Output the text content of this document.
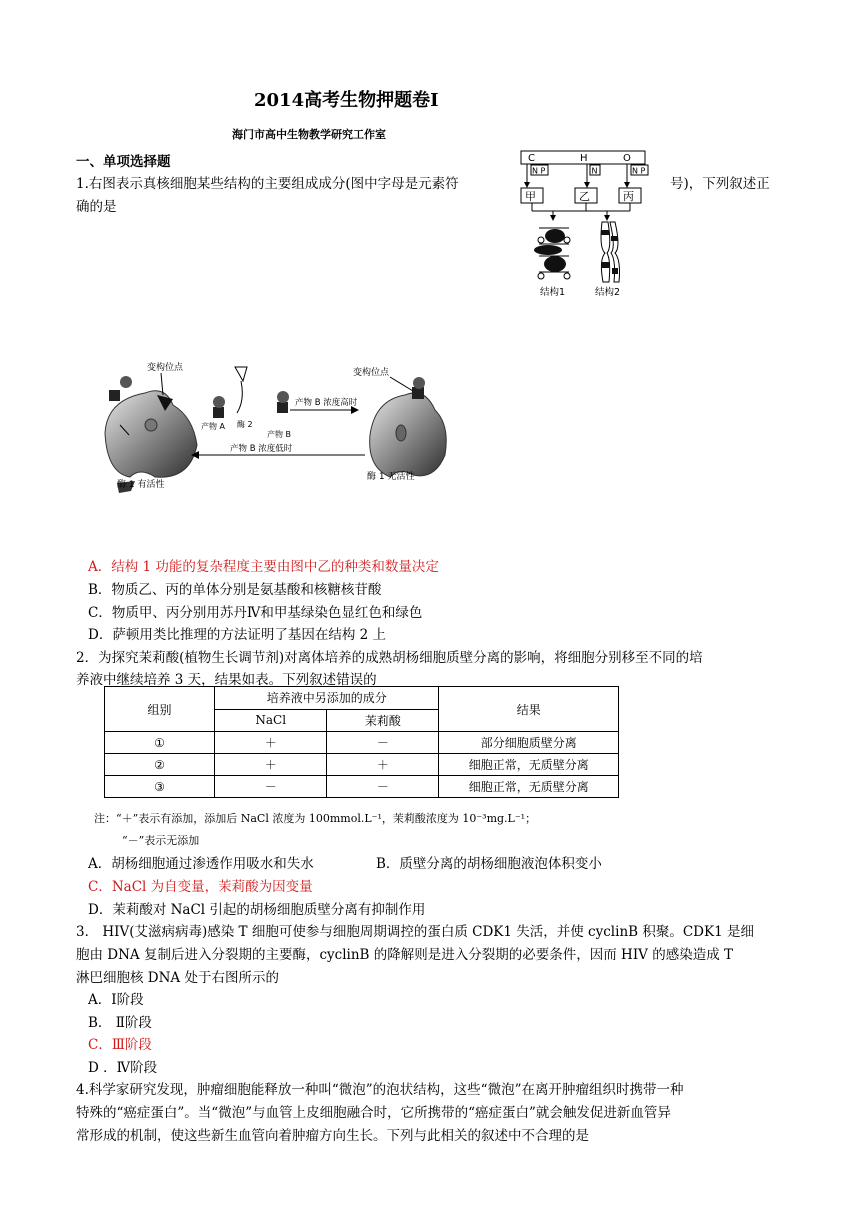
2014高考生物押题卷Ⅰ
海门市高中生物教学研究工作室
一、单项选择题
1.右图表示真核细胞某些结构的主要组成成分(图中字母是元素符	号)，下列叙述正
确的是
C	H	O
N P	N	N P
甲	乙	丙
结构1	结构2
变构位点
产物 A 酶 2
产物 B
产物 B 浓度高时
产物 B 浓度低时
变构位点
酶 1 有活性
酶 1 无活性
A．结构 1 功能的复杂程度主要由图中乙的种类和数量决定
B．物质乙、丙的单体分别是氨基酸和核糖核苷酸
C．物质甲、丙分别用苏丹Ⅳ和甲基绿染色显红色和绿色
D．萨顿用类比推理的方法证明了基因在结构 2 上
2．为探究茉莉酸(植物生长调节剂)对离体培养的成熟胡杨细胞质壁分离的影响，将细胞分别移至不同的培
养液中继续培养 3 天，结果如表。下列叙述错误的
组别	培养液中另添加的成分		结果
	NaCl	茉莉酸	
①	＋	－	部分细胞质壁分离
②	＋	＋	细胞正常，无质壁分离
③	－	－	细胞正常，无质壁分离
注：“＋”表示有添加，添加后 NaCl 浓度为 100mmol.L⁻¹，茉莉酸浓度为 10⁻³mg.L⁻¹；
“－”表示无添加
A．胡杨细胞通过渗透作用吸水和失水	B．质壁分离的胡杨细胞液泡体积变小
C．NaCl 为自变量，茉莉酸为因变量
D．茉莉酸对 NaCl 引起的胡杨细胞质壁分离有抑制作用
3． HIV(艾滋病病毒)感染 T 细胞可使参与细胞周期调控的蛋白质 CDK1 失活，并使 cyclinB 积聚。CDK1 是细
胞由 DNA 复制后进入分裂期的主要酶，cyclinB 的降解则是进入分裂期的必要条件，因而 HIV 的感染造成 T
淋巴细胞核 DNA 处于右图所示的
A．Ⅰ阶段
B． Ⅱ阶段
C．Ⅲ阶段
D ．Ⅳ阶段
4.科学家研究发现，肿瘤细胞能释放一种叫“微泡”的泡状结构，这些“微泡”在离开肿瘤组织时携带一种
特殊的“癌症蛋白”。当“微泡”与血管上皮细胞融合时，它所携带的“癌症蛋白”就会触发促进新血管异
常形成的机制，使这些新生血管向着肿瘤方向生长。下列与此相关的叙述中不合理的是
